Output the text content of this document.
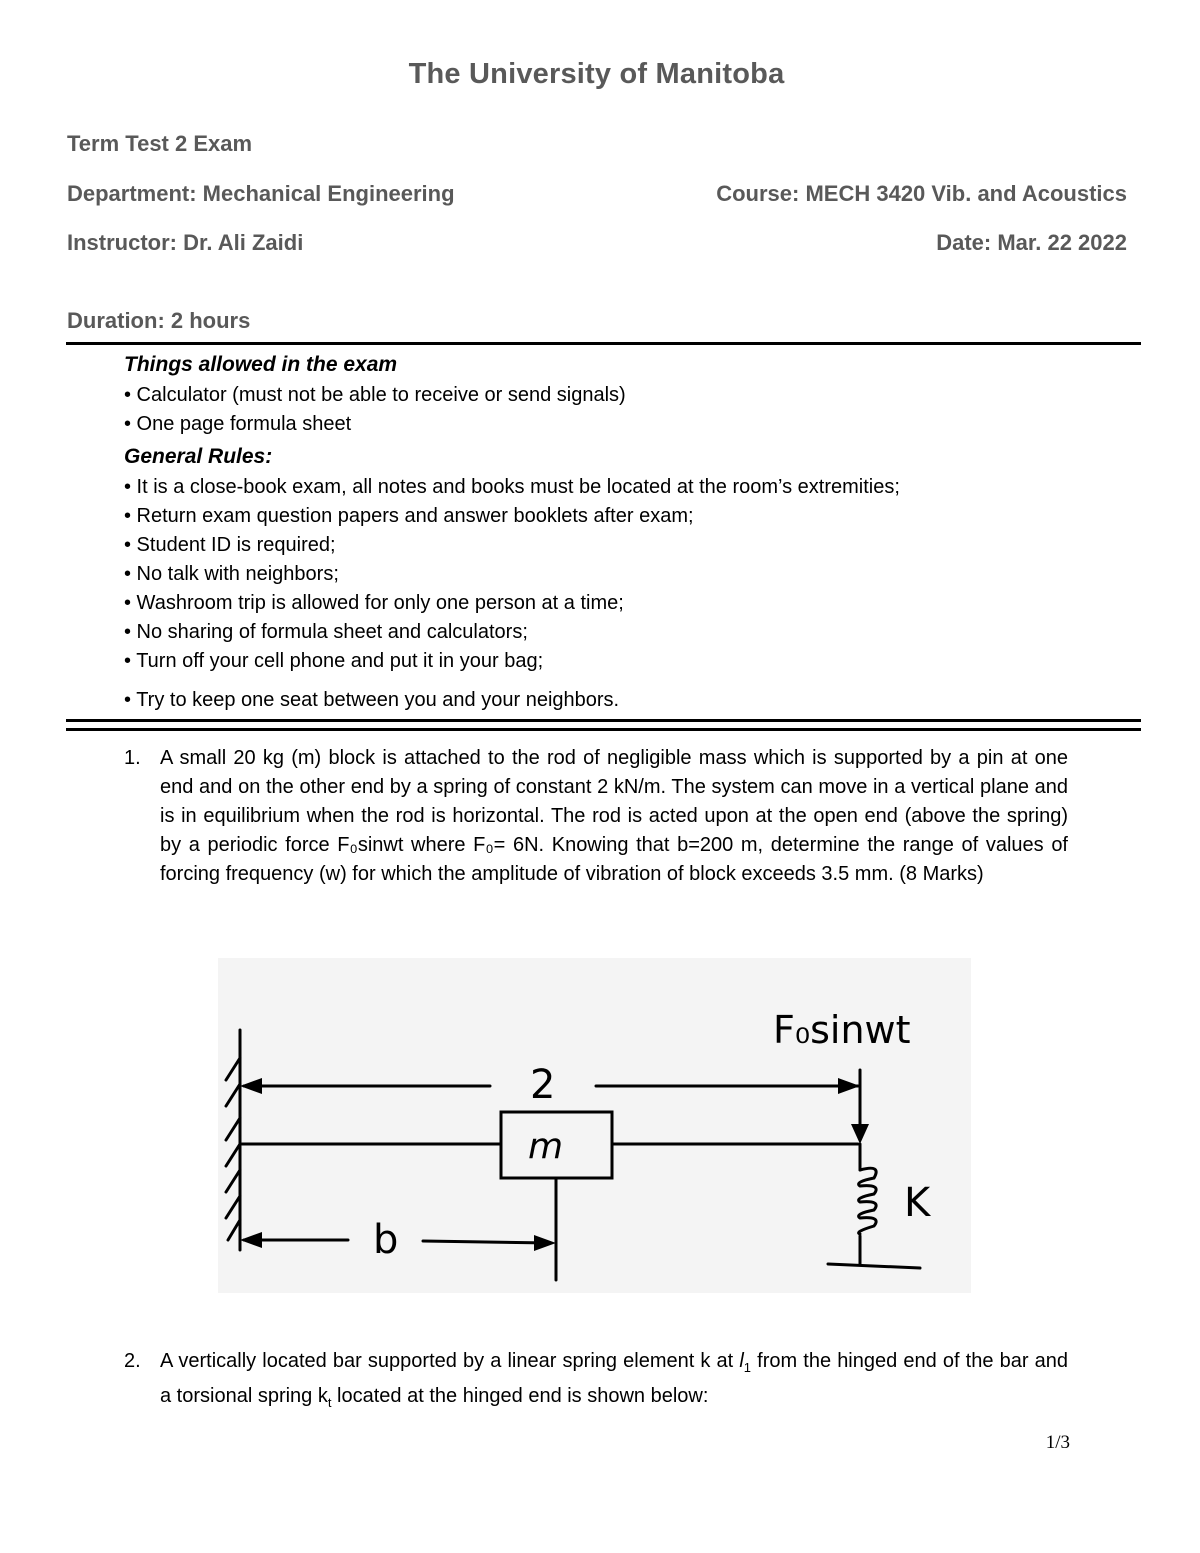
The University of Manitoba
Term Test 2 Exam
Department: Mechanical Engineering	Course: MECH 3420 Vib. and Acoustics
Instructor: Dr. Ali Zaidi	Date: Mar. 22 2022
Duration: 2 hours
Things allowed in the exam
• Calculator (must not be able to receive or send signals)
• One page formula sheet
General Rules:
• It is a close-book exam, all notes and books must be located at the room’s extremities;
• Return exam question papers and answer booklets after exam;
• Student ID is required;
• No talk with neighbors;
• Washroom trip is allowed for only one person at a time;
• No sharing of formula sheet and calculators;
• Turn off your cell phone and put it in your bag;
• Try to keep one seat between you and your neighbors.
1. A small 20 kg (m) block is attached to the rod of negligible mass which is supported by a pin at one end and on the other end by a spring of constant 2 kN/m. The system can move in a vertical plane and is in equilibrium when the rod is horizontal. The rod is acted upon at the open end (above the spring) by a periodic force F₀sinwt where F₀= 6N. Knowing that b=200 m, determine the range of values of forcing frequency (w) for which the amplitude of vibration of block exceeds 3.5 mm. (8 Marks)
F₀sinwt
2
m
b
K
2. A vertically located bar supported by a linear spring element k at $l_1$ from the hinged end of the bar and a torsional spring $k_t$ located at the hinged end is shown below:
1/3
